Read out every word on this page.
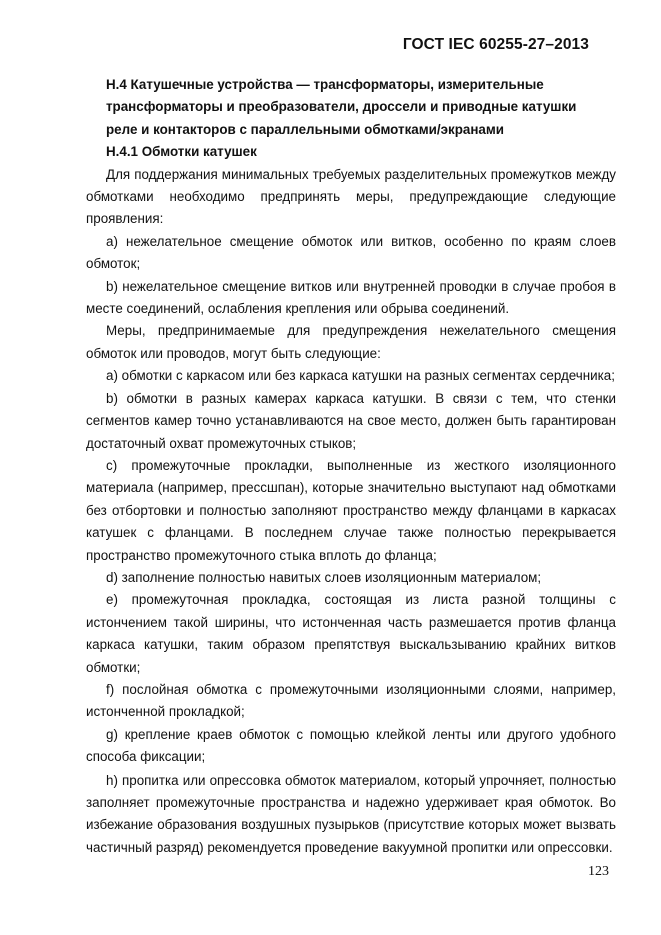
ГОСТ IEC 60255-27–2013

Н.4 Катушечные устройства — трансформаторы, измерительные
трансформаторы и преобразователи, дроссели и приводные катушки
реле и контакторов с параллельными обмотками/экранами

Н.4.1 Обмотки катушек

Для поддержания минимальных требуемых разделительных промежутков между обмотками необходимо предпринять меры, предупреждающие следующие проявления:

а) нежелательное смещение обмоток или витков, особенно по краям слоев обмоток;

b) нежелательное смещение витков или внутренней проводки в случае пробоя в месте соединений, ослабления крепления или обрыва соединений.

Меры, предпринимаемые для предупреждения нежелательного смещения обмоток или проводов, могут быть следующие:

а) обмотки с каркасом или без каркаса катушки на разных сегментах сердечника;

b) обмотки в разных камерах каркаса катушки. В связи с тем, что стенки сегментов камер точно устанавливаются на свое место, должен быть гарантирован достаточный охват промежуточных стыков;

c) промежуточные прокладки, выполненные из жесткого изоляционного материала (например, прессшпан), которые значительно выступают над обмотками без отбортовки и полностью заполняют пространство между фланцами в каркасах катушек с фланцами. В последнем случае также полностью перекрывается пространство промежуточного стыка вплоть до фланца;

d) заполнение полностью навитых слоев изоляционным материалом;

e) промежуточная прокладка, состоящая из листа разной толщины с истончением такой ширины, что истонченная часть размешается против фланца каркаса катушки, таким образом препятствуя выскальзыванию крайних витков обмотки;

f) послойная обмотка с промежуточными изоляционными слоями, например, истонченной прокладкой;

g) крепление краев обмоток с помощью клейкой ленты или другого удобного способа фиксации;

h) пропитка или опрессовка обмоток материалом, который упрочняет, полностью заполняет промежуточные пространства и надежно удерживает края обмоток. Во избежание образования воздушных пузырьков (присутствие которых может вызвать частичный разряд) рекомендуется проведение вакуумной пропитки или опрессовки.

123
